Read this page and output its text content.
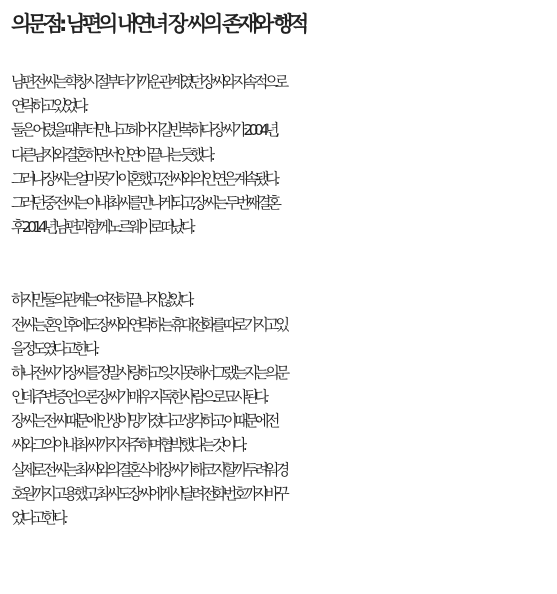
의문점: 남편의 내연녀 장 씨의 존재와 행적

남편 전 씨는 학창시절부터 가까운 관계였던 장 씨와 지속적으로
연락하고 있었다.
둘은 어렸을 때부터 만나고 헤어지길 반복하다 장 씨가 2004년,
다른 남자와 결혼하면서 인연이 끝나는 듯했다.
그러나 장 씨는 얼마 못가 이혼했고, 전 씨와의 인연은 계속됐다.
그러던 중 전 씨는 아내 최 씨를 만나게 되고, 장 씨는 두 번째 결혼
후 2014년, 남편과 함께 노르웨이로 떠났다.

하지만 둘의 관계는 여전히 끝나지 않았다.
전 씨는 혼인 후에도 장 씨와 연락하는 휴대전화를 따로 가지고 있
을 정도였다고 한다.
하나 전 씨가 장 씨를 정말 사랑하고 잊지 못해서 그랬는지는 의문
인데, 주변 증언으론 장 씨가 매우 지독한 사람으로 묘사된다.
장 씨는 전 씨 때문에 인생이 망가졌다고 생각하고, 이 때문에 전
씨와 그의 아내 최 씨까지 저주하며 협박했다는 것이다.
실제로 전 씨는 최 씨와의 결혼식에 장 씨가 해코지할까 두려워 경
호원까지 고용했고, 최 씨도 장 씨에게 시달려 전화번호까지 바꾸
었다고 한다.
